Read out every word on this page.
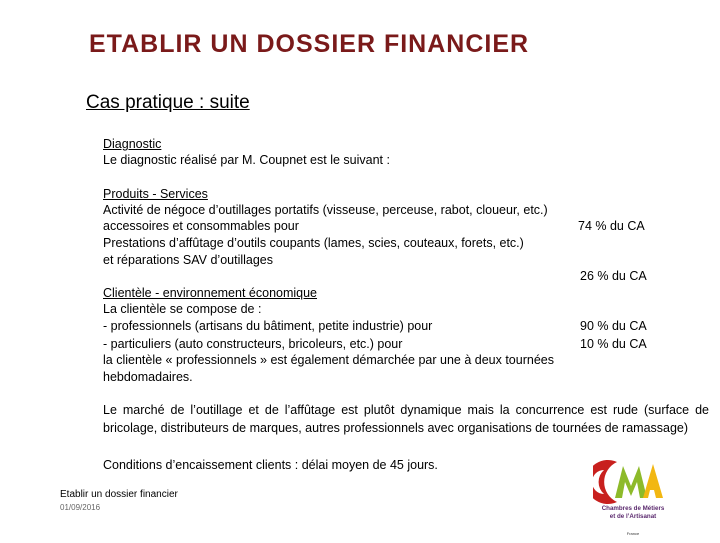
ETABLIR UN DOSSIER FINANCIER
Cas pratique : suite
Diagnostic
Le diagnostic réalisé par M. Coupnet est le suivant :
Produits - Services
Activité de négoce d’outillages portatifs (visseuse, perceuse, rabot, cloueur, etc.)
accessoires et consommables pour	74 % du CA
Prestations d’affûtage d’outils coupants (lames, scies, couteaux, forets, etc.)
et réparations SAV d’outillages
26 % du CA
Clientèle - environnement économique
La clientèle se compose de :
- professionnels (artisans du bâtiment, petite industrie) pour	90 % du CA
- particuliers (auto constructeurs, bricoleurs, etc.) pour	10 % du CA
la clientèle « professionnels » est également démarchée par une à deux tournées
hebdomadaires.
Le marché de l’outillage et de l’affûtage est plutôt dynamique mais la concurrence est rude (surface de bricolage, distributeurs de marques, autres professionnels avec organisations de tournées de ramassage)
Conditions d’encaissement clients : délai moyen de 45 jours.
Etablir un dossier financier
01/09/2016	Chambres de Métiers
et de l’Artisanat
France
